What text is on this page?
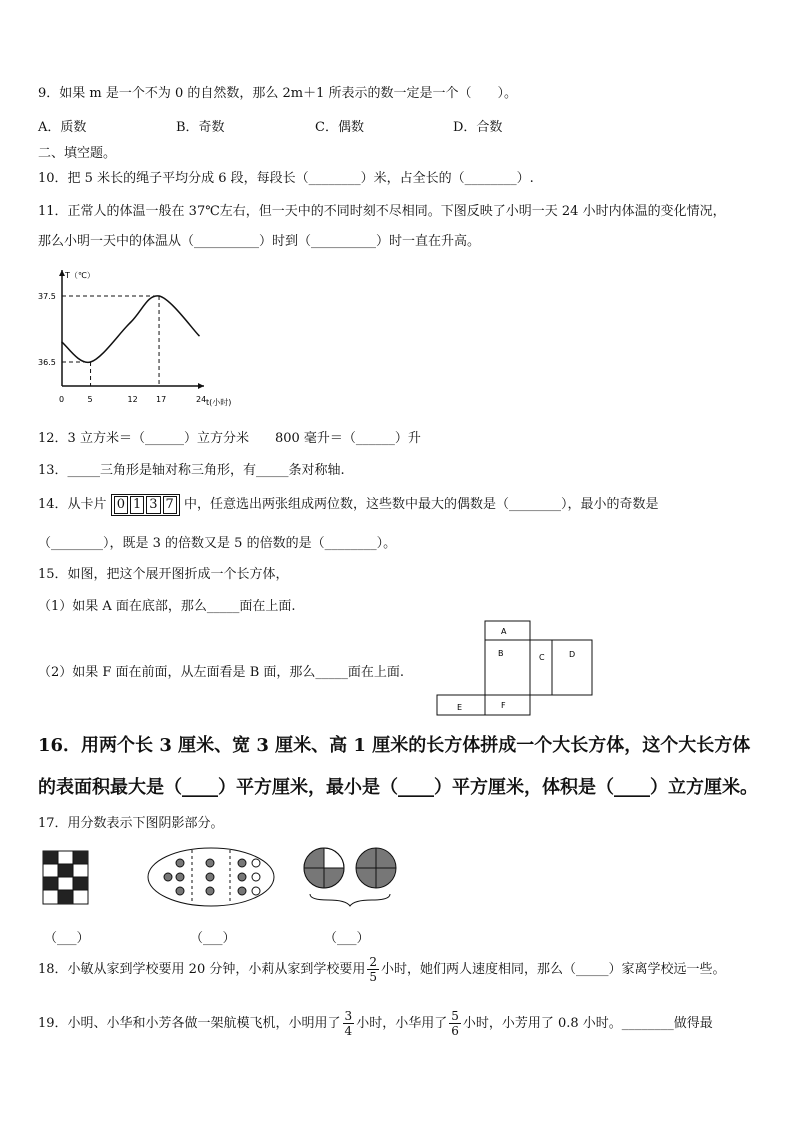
9．如果 m 是一个不为 0 的自然数，那么 2m＋1 所表示的数一定是一个（　　）。
A．质数	B．奇数	C．偶数	D．合数
二、填空题。
10．把 5 米长的绳子平均分成 6 段，每段长（________）米，占全长的（________）.
11．正常人的体温一般在 37℃左右，但一天中的不同时刻不尽相同。下图反映了小明一天 24 小时内体温的变化情况，
那么小明一天中的体温从（__________）时到（__________）时一直在升高。
T（℃）
t(小时)
0	5	12 17	24
37.5
36.5
12．3 立方米＝（______）立方分米　　800 毫升＝（______）升
13．_____三角形是轴对称三角形，有_____条对称轴.
14．从卡片 0 1 3 7 中，任意选出两张组成两位数，这些数中最大的偶数是（________），最小的奇数是
（________），既是 3 的倍数又是 5 的倍数的是（________）。
15．如图，把这个展开图折成一个长方体，
（1）如果 A 面在底部，那么_____面在上面.
（2）如果 F 面在前面，从左面看是 B 面，那么_____面在上面.
A
B	C	D
E	F
16．用两个长 3 厘米、宽 3 厘米、高 1 厘米的长方体拼成一个大长方体，这个大长方体
的表面积最大是（____）平方厘米，最小是（____）平方厘米，体积是（____）立方厘米。
17．用分数表示下图阴影部分。
（___）	（___）	（___）
18．小敏从家到学校要用 20 分钟，小莉从家到学校要用 $\frac{2}{5}$ 小时，她们两人速度相同，那么（_____）家离学校远一些。
19．小明、小华和小芳各做一架航模飞机，小明用了 $\frac{3}{4}$ 小时，小华用了 $\frac{5}{6}$ 小时，小芳用了 0.8 小时。________做得最
